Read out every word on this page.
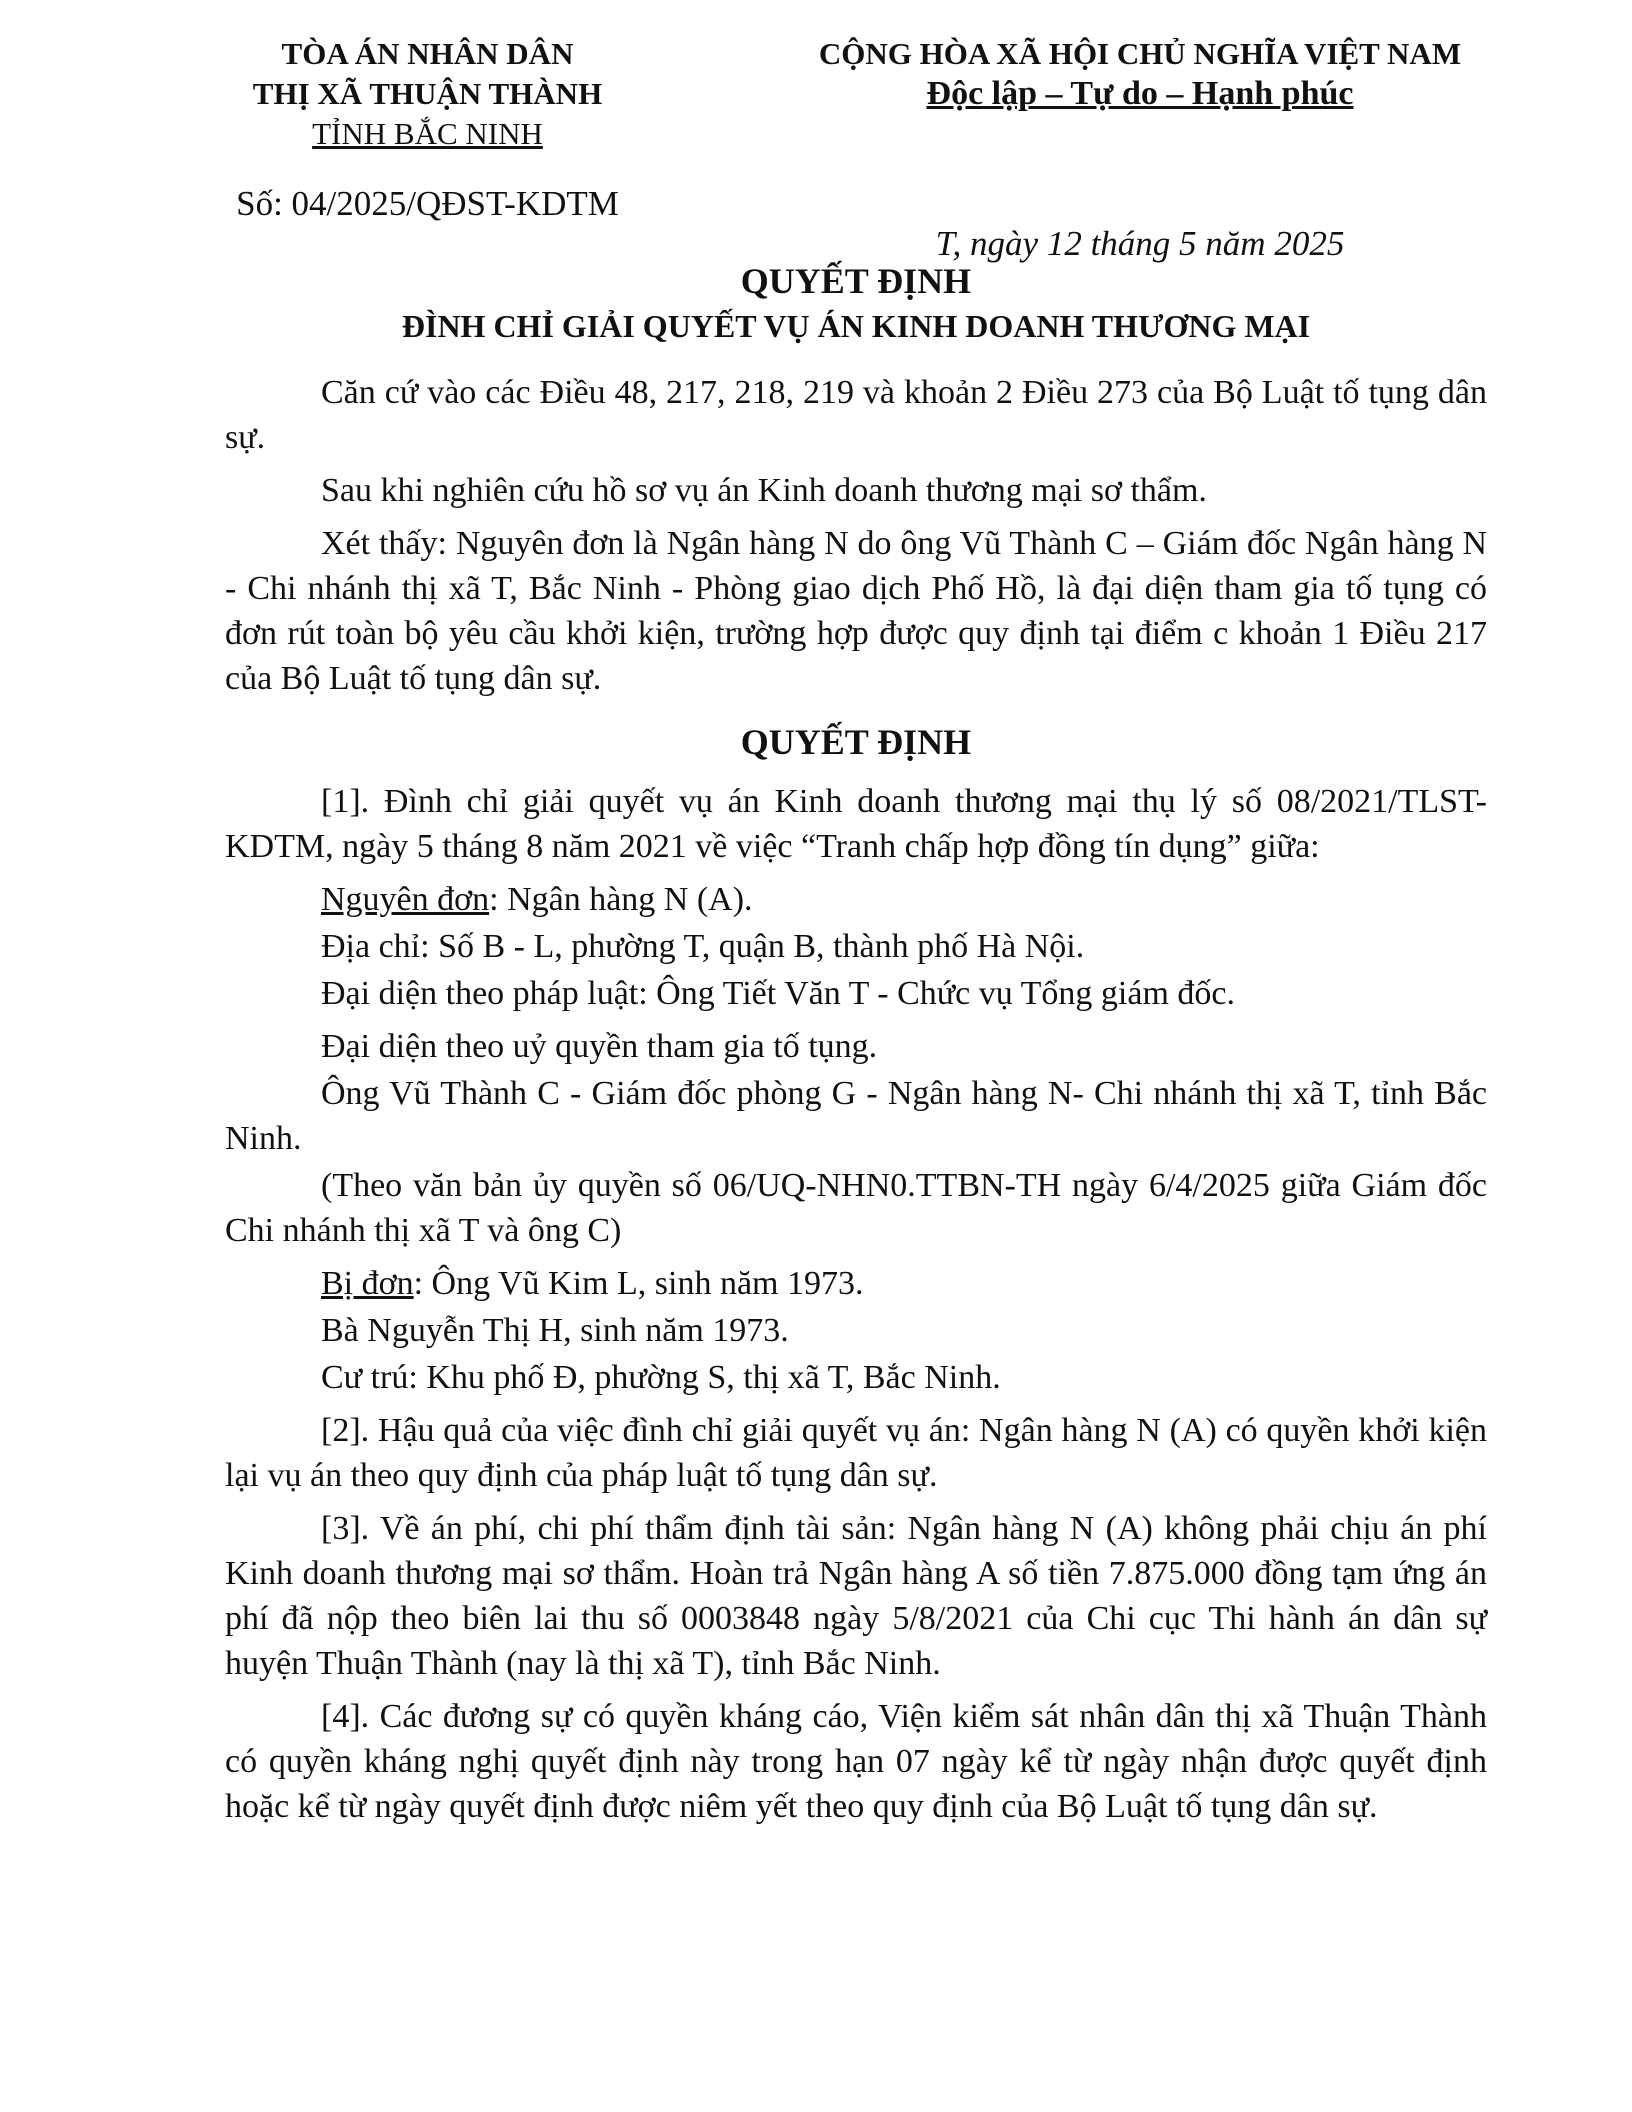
TÒA ÁN NHÂN DÂN
THỊ XÃ THUẬN THÀNH
TỈNH BẮC NINH
Số: 04/2025/QĐST-KDTM
CỘNG HÒA XÃ HỘI CHỦ NGHĨA VIỆT NAM
Độc lập – Tự do – Hạnh phúc
T, ngày 12 tháng 5 năm 2025
QUYẾT ĐỊNH
ĐÌNH CHỈ GIẢI QUYẾT VỤ ÁN KINH DOANH THƯƠNG MẠI

Căn cứ vào các Điều 48, 217, 218, 219 và khoản 2 Điều 273 của Bộ Luật tố tụng dân sự.

Sau khi nghiên cứu hồ sơ vụ án Kinh doanh thương mại sơ thẩm.

Xét thấy: Nguyên đơn là Ngân hàng N do ông Vũ Thành C – Giám đốc Ngân hàng N - Chi nhánh thị xã T, Bắc Ninh - Phòng giao dịch Phố Hồ, là đại diện tham gia tố tụng có đơn rút toàn bộ yêu cầu khởi kiện, trường hợp được quy định tại điểm c khoản 1 Điều 217 của Bộ Luật tố tụng dân sự.

QUYẾT ĐỊNH

[1]. Đình chỉ giải quyết vụ án Kinh doanh thương mại thụ lý số 08/2021/TLST-KDTM, ngày 5 tháng 8 năm 2021 về việc “Tranh chấp hợp đồng tín dụng” giữa:

Nguyên đơn: Ngân hàng N (A).

Địa chỉ: Số B - L, phường T, quận B, thành phố Hà Nội.

Đại diện theo pháp luật: Ông Tiết Văn T - Chức vụ Tổng giám đốc.

Đại diện theo uỷ quyền tham gia tố tụng.

Ông Vũ Thành C - Giám đốc phòng G - Ngân hàng N- Chi nhánh thị xã T, tỉnh Bắc Ninh.

(Theo văn bản ủy quyền số 06/UQ-NHN0.TTBN-TH ngày 6/4/2025 giữa Giám đốc Chi nhánh thị xã T và ông C)

Bị đơn: Ông Vũ Kim L, sinh năm 1973.

Bà Nguyễn Thị H, sinh năm 1973.

Cư trú: Khu phố Đ, phường S, thị xã T, Bắc Ninh.

[2]. Hậu quả của việc đình chỉ giải quyết vụ án: Ngân hàng N (A) có quyền khởi kiện lại vụ án theo quy định của pháp luật tố tụng dân sự.

[3]. Về án phí, chi phí thẩm định tài sản: Ngân hàng N (A) không phải chịu án phí Kinh doanh thương mại sơ thẩm. Hoàn trả Ngân hàng A số tiền 7.875.000 đồng tạm ứng án phí đã nộp theo biên lai thu số 0003848 ngày 5/8/2021 của Chi cục Thi hành án dân sự huyện Thuận Thành (nay là thị xã T), tỉnh Bắc Ninh.

[4]. Các đương sự có quyền kháng cáo, Viện kiểm sát nhân dân thị xã Thuận Thành có quyền kháng nghị quyết định này trong hạn 07 ngày kể từ ngày nhận được quyết định hoặc kể từ ngày quyết định được niêm yết theo quy định của Bộ Luật tố tụng dân sự.
